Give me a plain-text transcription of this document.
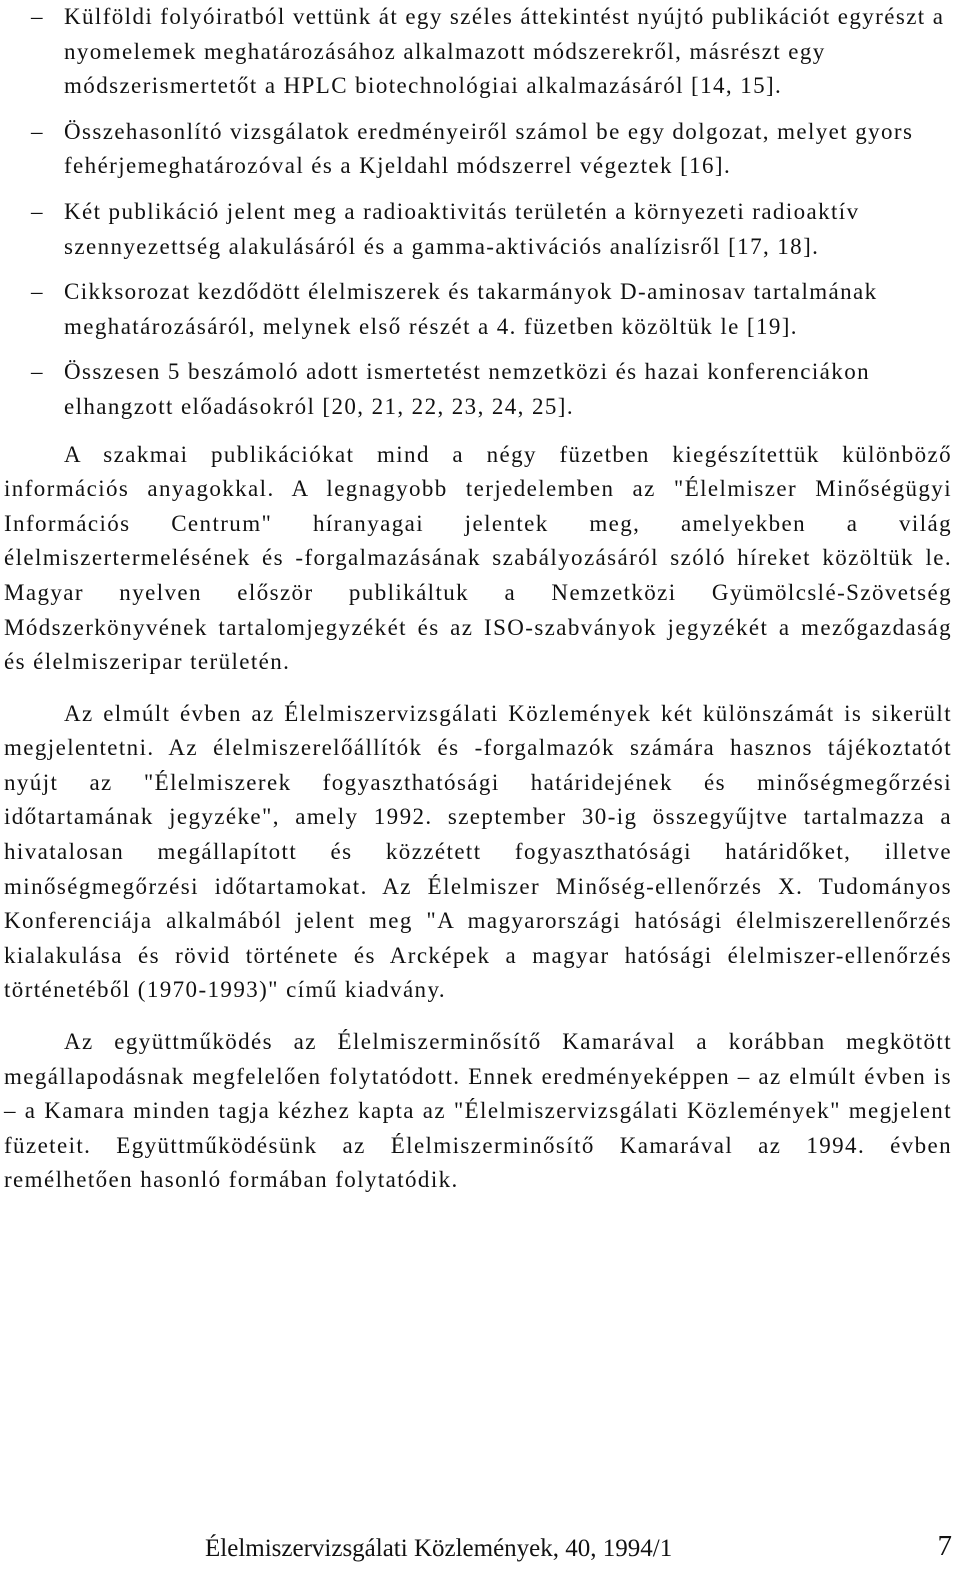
– Külföldi folyóiratból vettünk át egy széles áttekintést nyújtó publikációt egyrészt a nyomelemek meghatározásához alkalmazott módszerekről, másrészt egy módszerismertetőt a HPLC biotechnológiai alkalmazásáról [14, 15].
– Összehasonlító vizsgálatok eredményeiről számol be egy dolgozat, melyet gyors fehérjemeghatározóval és a Kjeldahl módszerrel végeztek [16].
– Két publikáció jelent meg a radioaktivitás területén a környezeti radioaktív szennyezettség alakulásáról és a gamma-aktivációs analízisről [17, 18].
– Cikksorozat kezdődött élelmiszerek és takarmányok D-aminosav tartalmának meghatározásáról, melynek első részét a 4. füzetben közöltük le [19].
– Összesen 5 beszámoló adott ismertetést nemzetközi és hazai konferenciákon elhangzott előadásokról [20, 21, 22, 23, 24, 25].

A szakmai publikációkat mind a négy füzetben kiegészítettük különböző információs anyagokkal. A legnagyobb terjedelemben az "Élelmiszer Minőségügyi Információs Centrum" híranyagai jelentek meg, amelyekben a világ élelmiszertermelésének és -forgalmazásának szabályozásáról szóló híreket közöltük le. Magyar nyelven először publikáltuk a Nemzetközi Gyümölcslé-Szövetség Módszerkönyvének tartalomjegyzékét és az ISO-szabványok jegyzékét a mezőgazdaság és élelmiszeripar területén.

Az elmúlt évben az Élelmiszervizsgálati Közlemények két különszámát is sikerült megjelentetni. Az élelmiszerelőállítók és -forgalmazók számára hasznos tájékoztatót nyújt az "Élelmiszerek fogyaszthatósági határidejének és minőségmegőrzési időtartamának jegyzéke", amely 1992. szeptember 30-ig összegyűjtve tartalmazza a hivatalosan megállapított és közzétett fogyaszthatósági határidőket, illetve minőségmegőrzési időtartamokat. Az Élelmiszer Minőség-ellenőrzés X. Tudományos Konferenciája alkalmából jelent meg "A magyarországi hatósági élelmiszerellenőrzés kialakulása és rövid története és Arcképek a magyar hatósági élelmiszer-ellenőrzés történetéből (1970-1993)" című kiadvány.

Az együttműködés az Élelmiszerminősítő Kamarával a korábban megkötött megállapodásnak megfelelően folytatódott. Ennek eredményeképpen – az elmúlt évben is – a Kamara minden tagja kézhez kapta az "Élelmiszervizsgálati Közlemények" megjelent füzeteit. Együttműködésünk az Élelmiszerminősítő Kamarával az 1994. évben remélhetően hasonló formában folytatódik.

Élelmiszervizsgálati Közlemények, 40, 1994/1	7
